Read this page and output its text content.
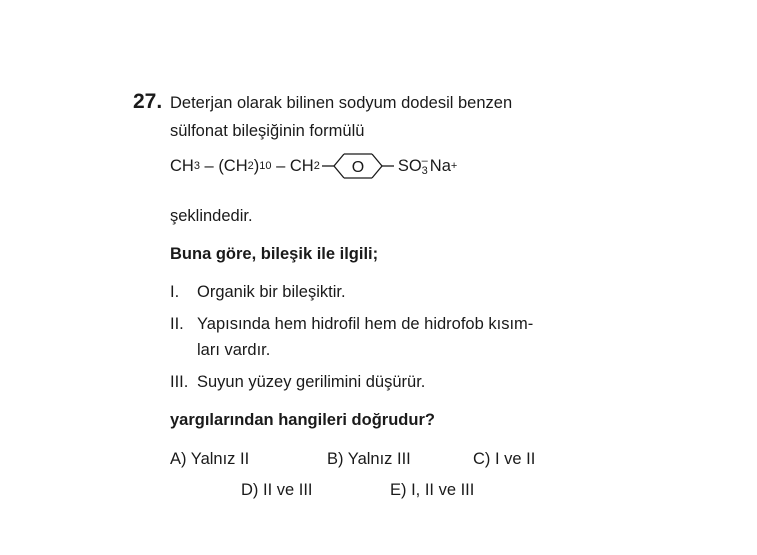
27. Deterjan olarak bilinen sodyum dodesil benzen
sülfonat bileşiğinin formülü
CH 3 – (CH 2 ) 10 – CH 2 O SO –
3 Na +
şeklindedir.
Buna göre, bileşik ile ilgili;
I. Organik bir bileşiktir.
II. Yapısında hem hidrofil hem de hidrofob kısım-
ları vardır.
III. Suyun yüzey gerilimini düşürür.
yargılarından hangileri doğrudur?
A) Yalnız II	B) Yalnız III	C) I ve II
D) II ve III	E) I, II ve III
